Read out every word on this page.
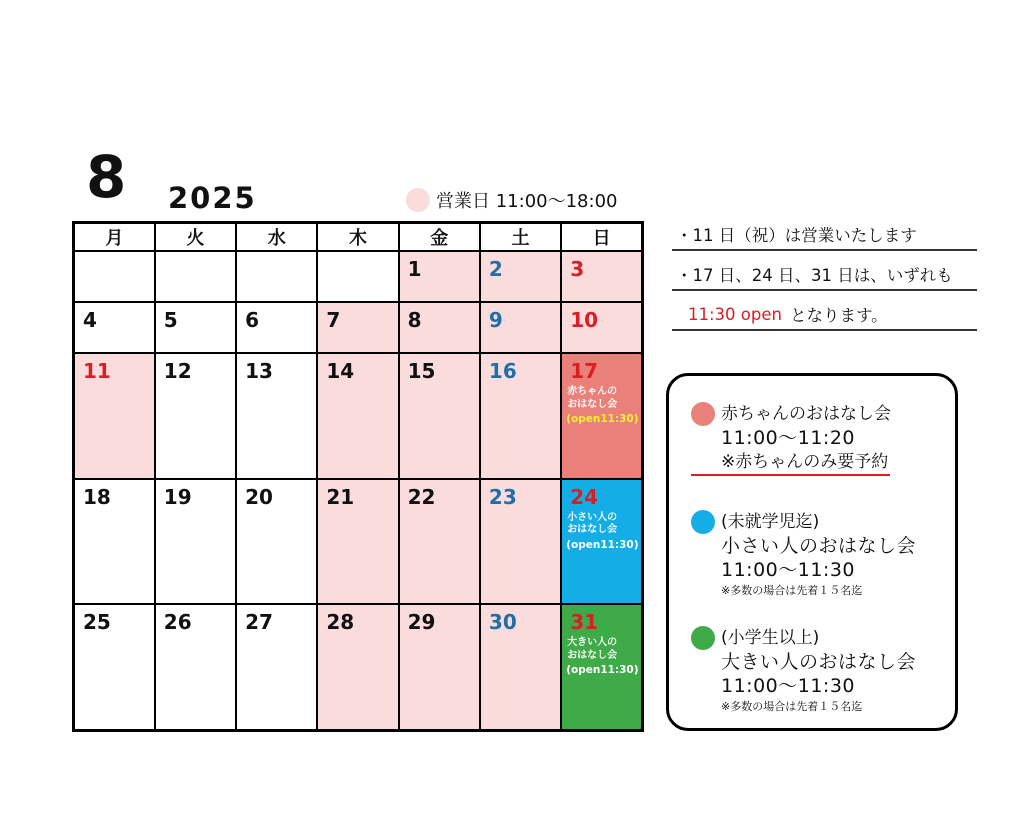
8 2025	営業日 11:00～18:00
月	火	水	木	金	土	日

				1	2	3

4	5	6	7	8	9	10

11	12	13	14	15	16	17
赤ちゃんの
おはなし会
(open11:30)

18	19	20	21	22	23	24
小さい人の
おはなし会
(open11:30)

25	26	27	28	29	30	31
大きい人の
おはなし会
(open11:30)
・11 日（祝）は営業いたします
・17 日、24 日、31 日は、いずれも
11:30 open となります。
赤ちゃんのおはなし会
11:00～11:20
※赤ちゃんのみ要予約
(未就学児迄)
小さい人のおはなし会
11:00～11:30
※多数の場合は先着１５名迄
(小学生以上)
大きい人のおはなし会
11:00～11:30
※多数の場合は先着１５名迄
